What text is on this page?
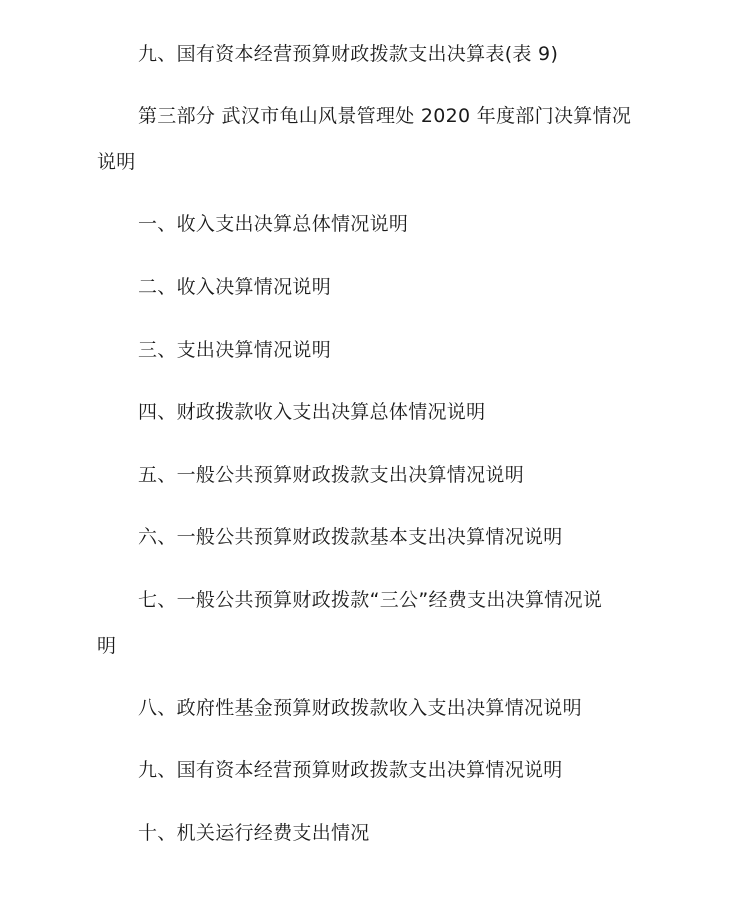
九、国有资本经营预算财政拨款支出决算表(表 9)
第三部分 武汉市龟山风景管理处 2020 年度部门决算情况
说明
一、收入支出决算总体情况说明
二、收入决算情况说明
三、支出决算情况说明
四、财政拨款收入支出决算总体情况说明
五、一般公共预算财政拨款支出决算情况说明
六、一般公共预算财政拨款基本支出决算情况说明
七、一般公共预算财政拨款“三公”经费支出决算情况说
明
八、政府性基金预算财政拨款收入支出决算情况说明
九、国有资本经营预算财政拨款支出决算情况说明
十、机关运行经费支出情况
